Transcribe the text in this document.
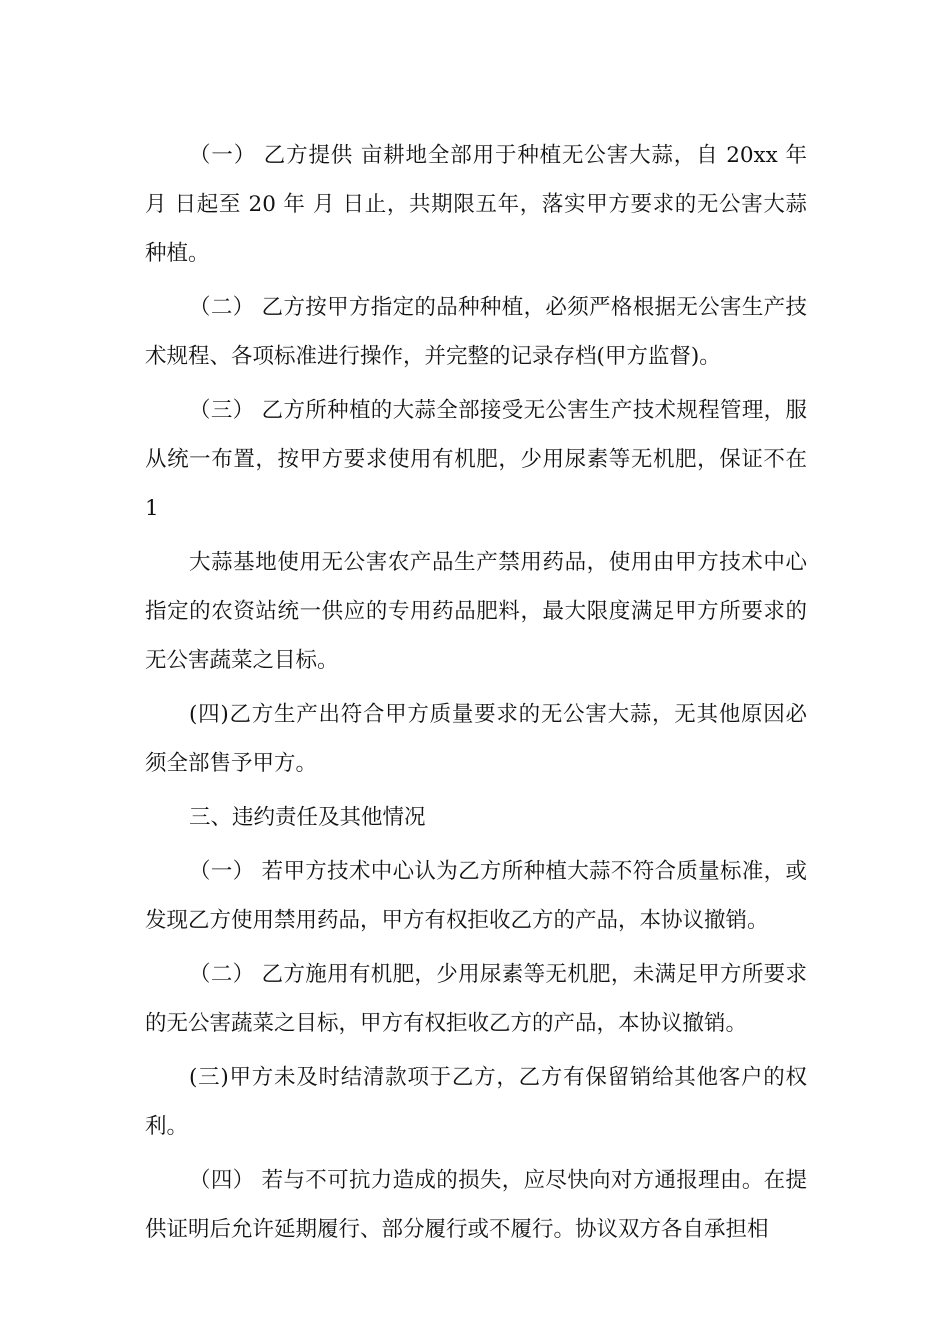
（一） 乙方提供 亩耕地全部用于种植无公害大蒜，自 20xx 年 月 日起至 20 年 月 日止，共期限五年，落实甲方要求的无公害大蒜种植。

（二） 乙方按甲方指定的品种种植，必须严格根据无公害生产技术规程、各项标准进行操作，并完整的记录存档(甲方监督)。

（三） 乙方所种植的大蒜全部接受无公害生产技术规程管理，服从统一布置，按甲方要求使用有机肥，少用尿素等无机肥，保证不在 1

大蒜基地使用无公害农产品生产禁用药品，使用由甲方技术中心指定的农资站统一供应的专用药品肥料，最大限度满足甲方所要求的无公害蔬菜之目标。

(四)乙方生产出符合甲方质量要求的无公害大蒜，无其他原因必须全部售予甲方。

三、违约责任及其他情况

（一） 若甲方技术中心认为乙方所种植大蒜不符合质量标准，或发现乙方使用禁用药品，甲方有权拒收乙方的产品，本协议撤销。

（二） 乙方施用有机肥，少用尿素等无机肥，未满足甲方所要求的无公害蔬菜之目标，甲方有权拒收乙方的产品，本协议撤销。

(三)甲方未及时结清款项于乙方，乙方有保留销给其他客户的权利。

（四） 若与不可抗力造成的损失，应尽快向对方通报理由。在提供证明后允许延期履行、部分履行或不履行。协议双方各自承担相
